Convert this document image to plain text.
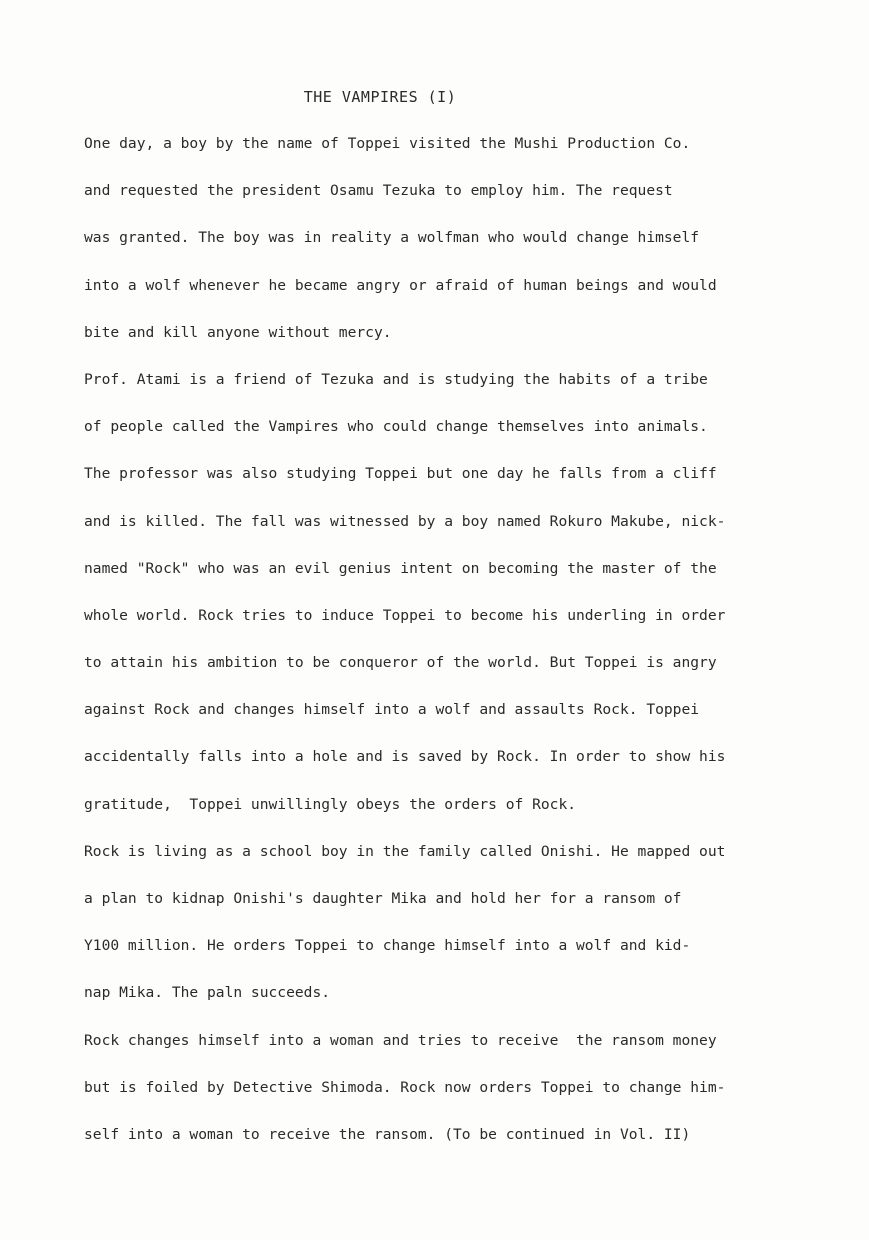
THE VAMPIRES (I)
One day, a boy by the name of Toppei visited the Mushi Production Co.
and requested the president Osamu Tezuka to employ him. The request
was granted. The boy was in reality a wolfman who would change himself
into a wolf whenever he became angry or afraid of human beings and would
bite and kill anyone without mercy.
Prof. Atami is a friend of Tezuka and is studying the habits of a tribe
of people called the Vampires who could change themselves into animals.
The professor was also studying Toppei but one day he falls from a cliff
and is killed. The fall was witnessed by a boy named Rokuro Makube, nick-
named "Rock" who was an evil genius intent on becoming the master of the
whole world. Rock tries to induce Toppei to become his underling in order
to attain his ambition to be conqueror of the world. But Toppei is angry
against Rock and changes himself into a wolf and assaults Rock. Toppei
accidentally falls into a hole and is saved by Rock. In order to show his
gratitude,  Toppei unwillingly obeys the orders of Rock.
Rock is living as a school boy in the family called Onishi. He mapped out
a plan to kidnap Onishi's daughter Mika and hold her for a ransom of
Y100 million. He orders Toppei to change himself into a wolf and kid-
nap Mika. The paln succeeds.
Rock changes himself into a woman and tries to receive  the ransom money
but is foiled by Detective Shimoda. Rock now orders Toppei to change him-
self into a woman to receive the ransom. (To be continued in Vol. II)
